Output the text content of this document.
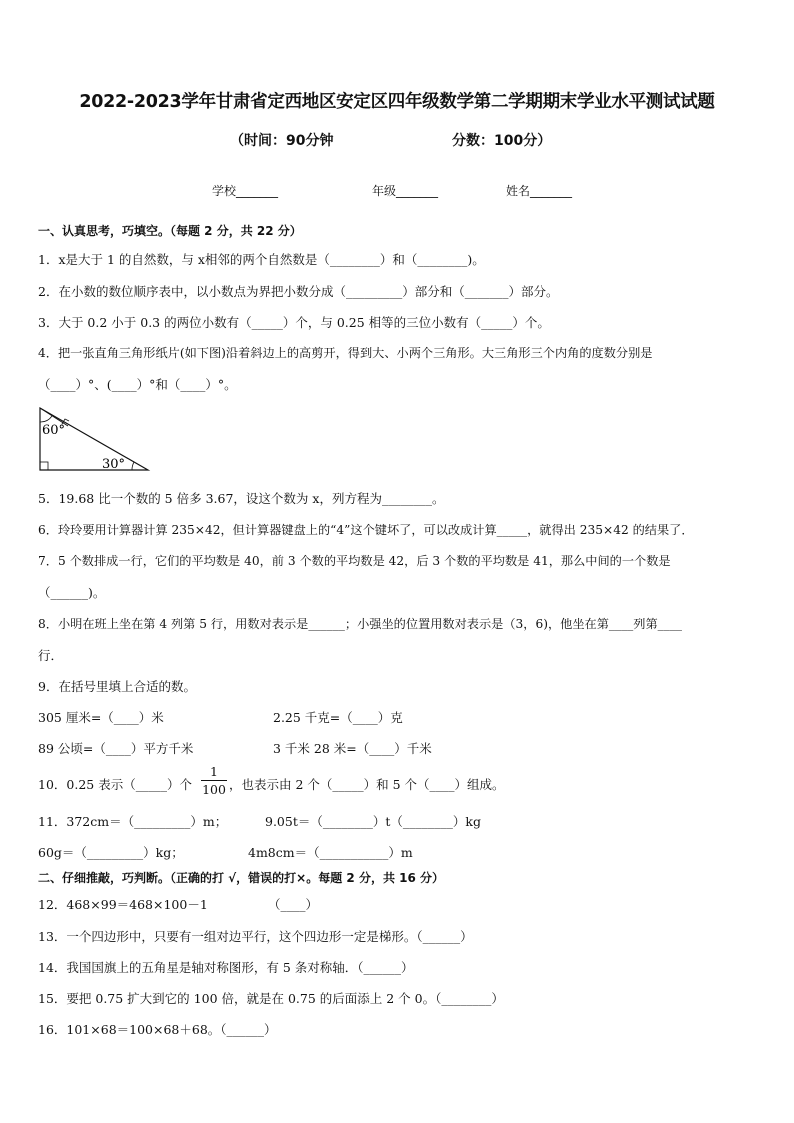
2022-2023学年甘肃省定西地区安定区四年级数学第二学期期末学业水平测试试题
（时间：90分钟	分数：100分）
学校_______	年级_______	姓名_______
一、认真思考，巧填空。（每题 2 分，共 22 分）
1．x是大于 1 的自然数，与 x相邻的两个自然数是（________）和（________)。
2．在小数的数位顺序表中，以小数点为界把小数分成（_________）部分和（_______）部分。
3．大于 0.2 小于 0.3 的两位小数有（_____）个，与 0.25 相等的三位小数有（_____）个。
4．把一张直角三角形纸片(如下图)沿着斜边上的高剪开，得到大、小两个三角形。大三角形三个内角的度数分别是
（____）°、(____）°和（____）°。
60°
30°
5．19.68 比一个数的 5 倍多 3.67，设这个数为 x，列方程为________。
6．玲玲要用计算器计算 235×42，但计算器键盘上的“4”这个键坏了，可以改成计算_____，就得出 235×42 的结果了．
7．5 个数排成一行，它们的平均数是 40，前 3 个数的平均数是 42，后 3 个数的平均数是 41，那么中间的一个数是
（______)。
8．小明在班上坐在第 4 列第 5 行，用数对表示是______；小强坐的位置用数对表示是（3，6)，他坐在第____列第____
行．
9．在括号里填上合适的数。
305 厘米=（____）米	2.25 千克=（____）克
89 公顷=（____）平方千米	3 千米 28 米=（____）千米
10．0.25 表示（_____）个 $\frac{1}{100}$ ，也表示由 2 个（_____）和 5 个（____）组成。
11．372cm＝（_________）m；	9.05t＝（________）t（________）kg
60g＝（_________）kg；	4m8cm＝（___________）m
二、仔细推敲，巧判断。（正确的打 √，错误的打×。每题 2 分，共 16 分）
12．468×99＝468×100－1	（____）
13．一个四边形中，只要有一组对边平行，这个四边形一定是梯形。（______）
14．我国国旗上的五角星是轴对称图形，有 5 条对称轴．（______）
15．要把 0.75 扩大到它的 100 倍，就是在 0.75 的后面添上 2 个 0。（________）
16．101×68＝100×68＋68。（______）
